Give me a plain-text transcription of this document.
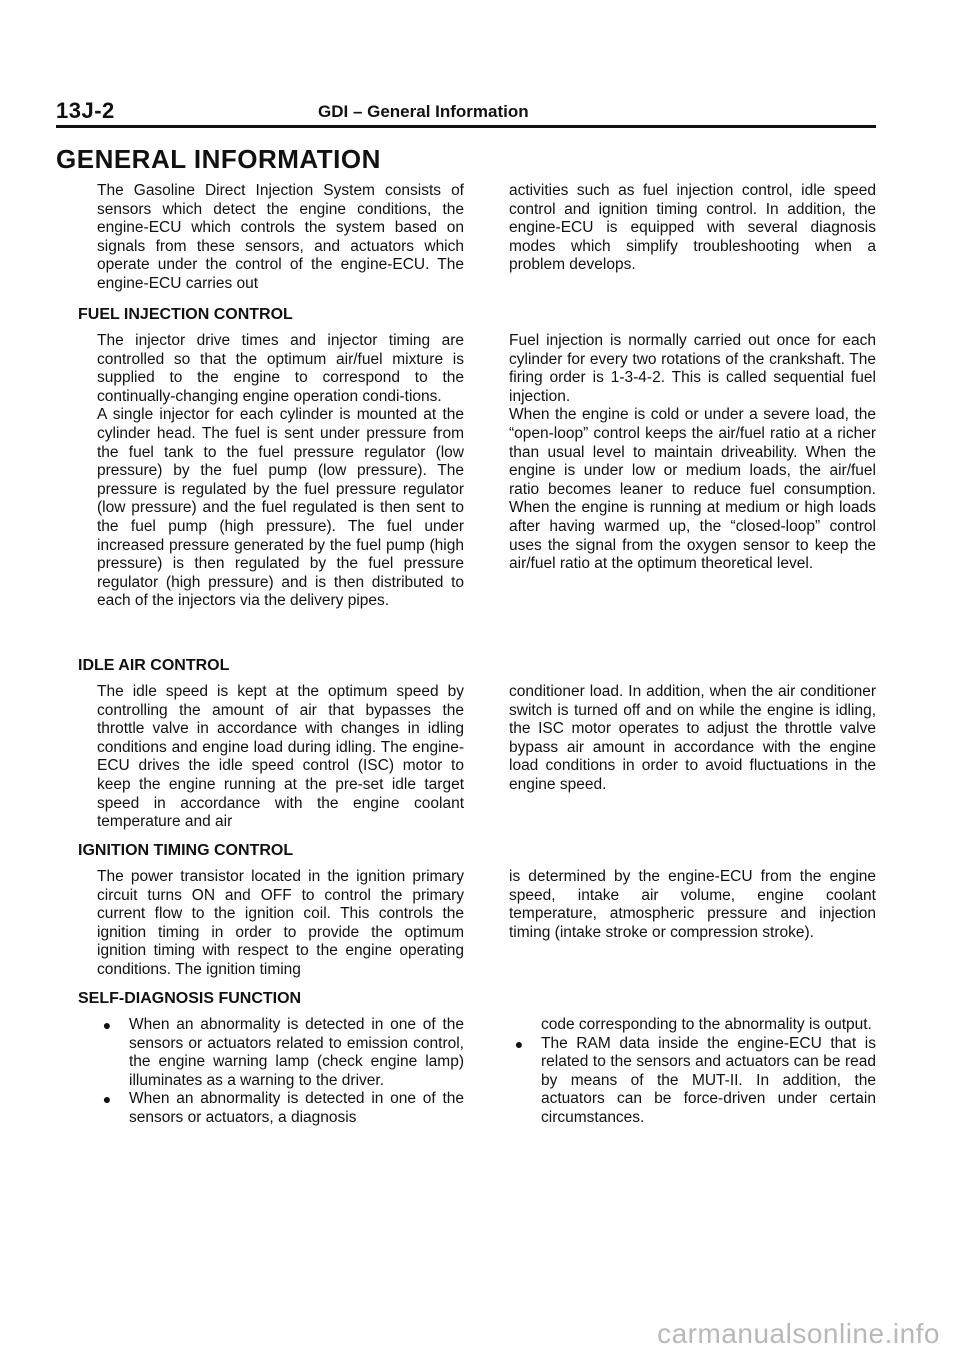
13J-2	GDI – General Information
GENERAL INFORMATION

The Gasoline Direct Injection System consists of sensors which detect the engine conditions, the engine-ECU which controls the system based on signals from these sensors, and actuators which operate under the control of the engine-ECU. The engine-ECU carries out

activities such as fuel injection control, idle speed control and ignition timing control. In addition, the engine-ECU is equipped with several diagnosis modes which simplify troubleshooting when a problem develops.

FUEL INJECTION CONTROL

The injector drive times and injector timing are controlled so that the optimum air/fuel mixture is supplied to the engine to correspond to the continually-changing engine operation condi-tions.

A single injector for each cylinder is mounted at the cylinder head. The fuel is sent under pressure from the fuel tank to the fuel pressure regulator (low pressure) by the fuel pump (low pressure). The pressure is regulated by the fuel pressure regulator (low pressure) and the fuel regulated is then sent to the fuel pump (high pressure). The fuel under increased pressure generated by the fuel pump (high pressure) is then regulated by the fuel pressure regulator (high pressure) and is then distributed to each of the injectors via the delivery pipes.

Fuel injection is normally carried out once for each cylinder for every two rotations of the crankshaft. The firing order is 1-3-4-2. This is called sequential fuel injection.

When the engine is cold or under a severe load, the “open-loop” control keeps the air/fuel ratio at a richer than usual level to maintain driveability. When the engine is under low or medium loads, the air/fuel ratio becomes leaner to reduce fuel consumption. When the engine is running at medium or high loads after having warmed up, the “closed-loop” control uses the signal from the oxygen sensor to keep the air/fuel ratio at the optimum theoretical level.

IDLE AIR CONTROL

The idle speed is kept at the optimum speed by controlling the amount of air that bypasses the throttle valve in accordance with changes in idling conditions and engine load during idling. The engine-ECU drives the idle speed control (ISC) motor to keep the engine running at the pre-set idle target speed in accordance with the engine coolant temperature and air

conditioner load. In addition, when the air conditioner switch is turned off and on while the engine is idling, the ISC motor operates to adjust the throttle valve bypass air amount in accordance with the engine load conditions in order to avoid fluctuations in the engine speed.

IGNITION TIMING CONTROL

The power transistor located in the ignition primary circuit turns ON and OFF to control the primary current flow to the ignition coil. This controls the ignition timing in order to provide the optimum ignition timing with respect to the engine operating conditions. The ignition timing

is determined by the engine-ECU from the engine speed, intake air volume, engine coolant temperature, atmospheric pressure and injection timing (intake stroke or compression stroke).

SELF-DIAGNOSIS FUNCTION
●	When an abnormality is detected in one of the sensors or actuators related to emission control, the engine warning lamp (check engine lamp) illuminates as a warning to the driver.
●	When an abnormality is detected in one of the sensors or actuators, a diagnosis
code corresponding to the abnormality is output.
●	The RAM data inside the engine-ECU that is related to the sensors and actuators can be read by means of the MUT-II. In addition, the actuators can be force-driven under certain circumstances.
carmanualsonline.info
